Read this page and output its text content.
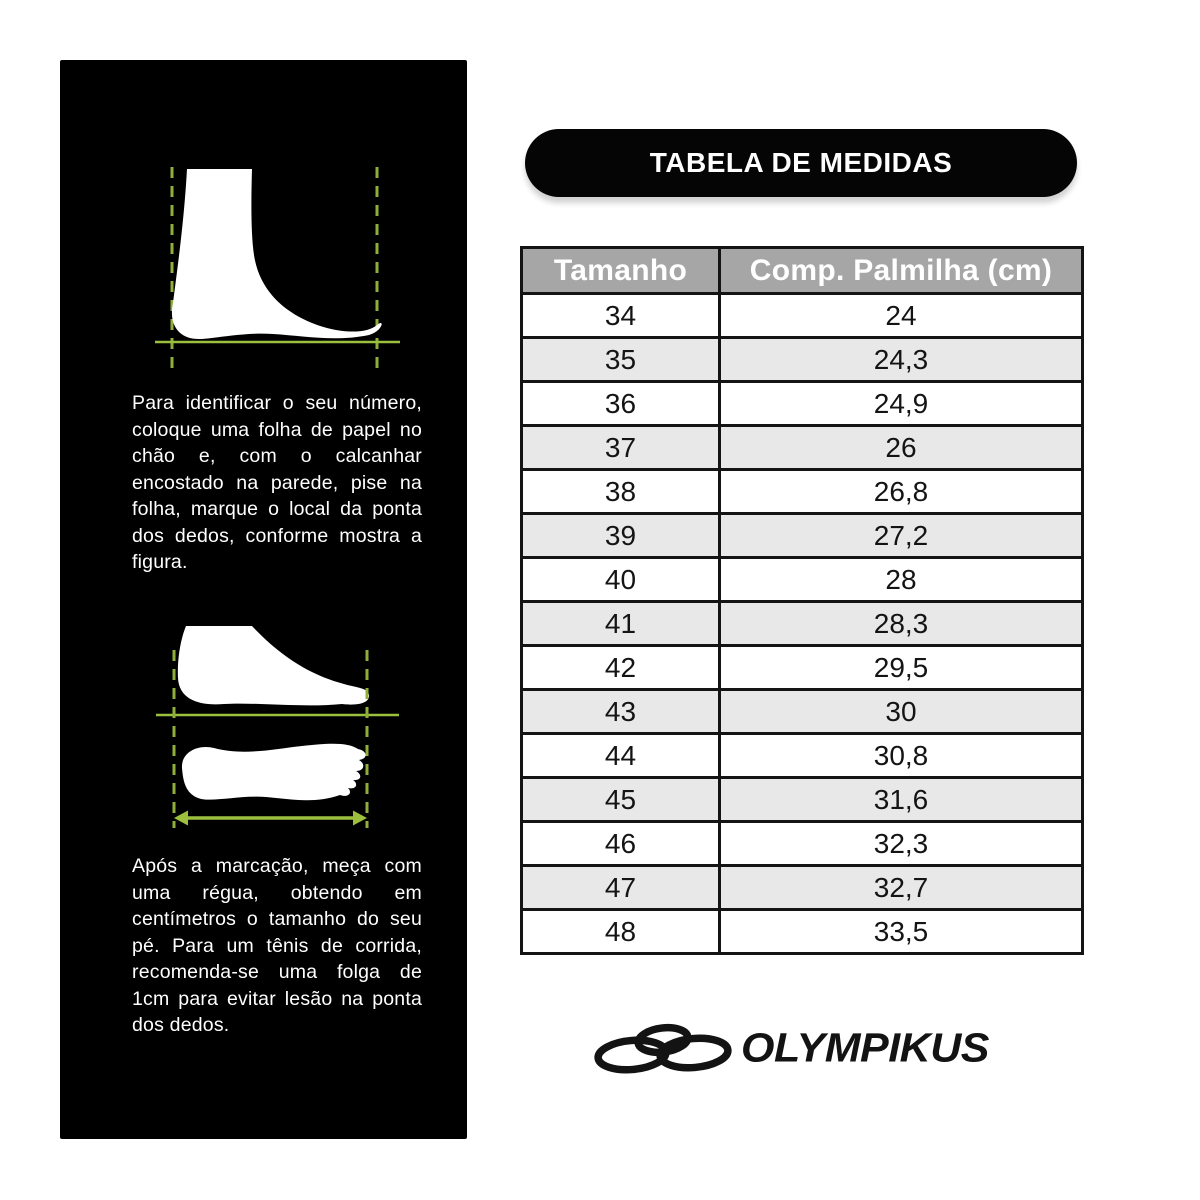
Para identificar o seu número, coloque uma folha de papel no chão e, com o calcanhar encostado na parede, pise na folha, marque o local da ponta dos dedos, conforme mostra a figura.

Após a marcação, meça com uma régua, obtendo em centímetros o tamanho do seu pé. Para um tênis de corrida, recomenda-se uma folga de 1cm para evitar lesão na ponta dos dedos.

TABELA DE MEDIDAS
Tamanho	Comp. Palmilha (cm)
34	24
35	24,3
36	24,9
37	26
38	26,8
39	27,2
40	28
41	28,3
42	29,5
43	30
44	30,8
45	31,6
46	32,3
47	32,7
48	33,5
OLYMPIKUS
